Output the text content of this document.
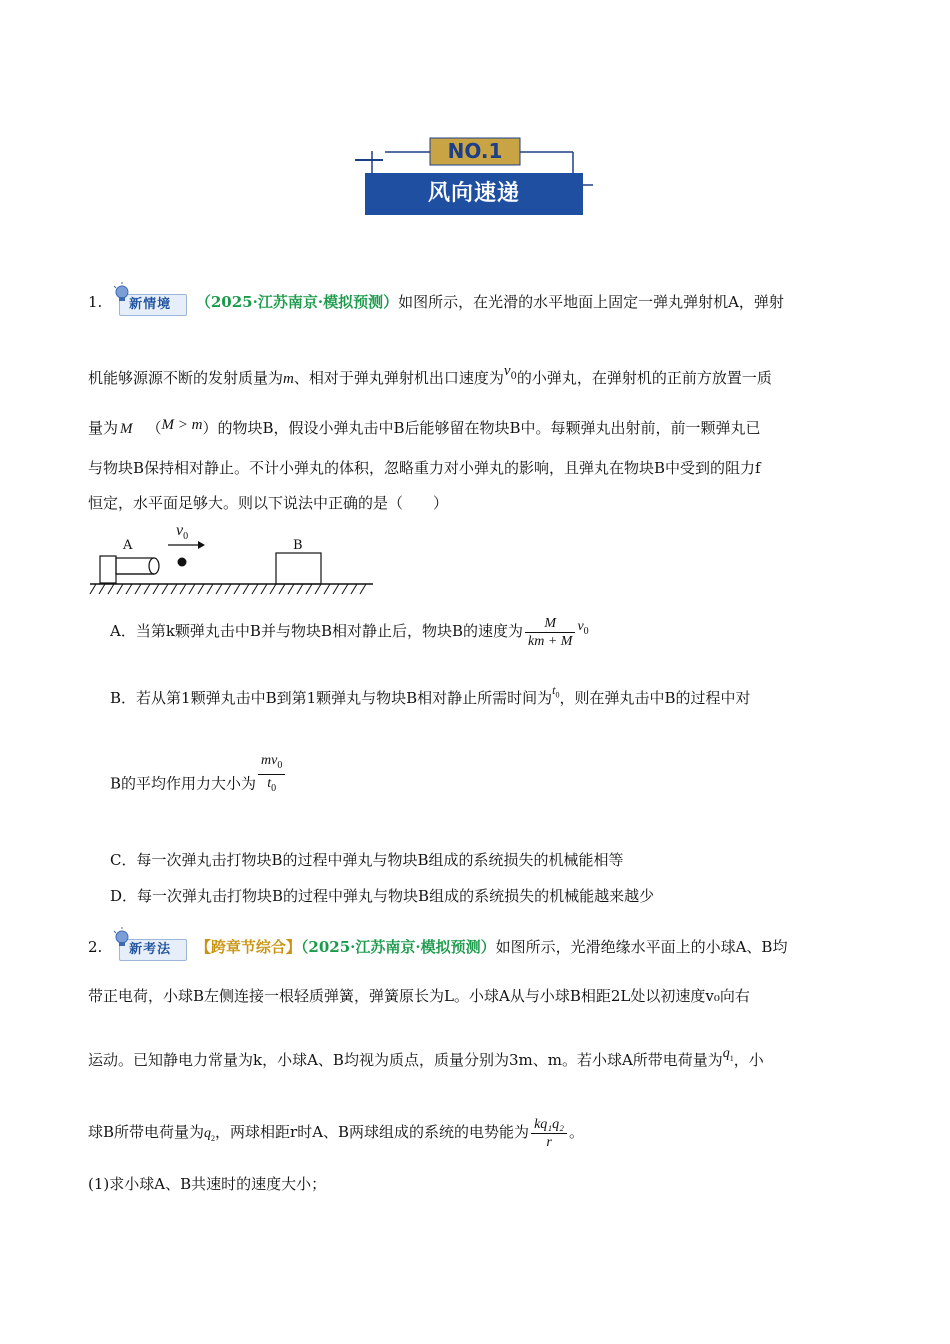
NO.1
风向速递
1. 新情境 （2025·江苏南京·模拟预测）如图所示，在光滑的水平地面上固定一弹丸弹射机A，弹射
机能够源源不断的发射质量为m、相对于弹丸弹射机出口速度为$v_0$的小弹丸，在弹射机的正前方放置一质
量为 M （M > m）的物块B，假设小弹丸击中B后能够留在物块B中。每颗弹丸出射前，前一颗弹丸已
与物块B保持相对静止。不计小弹丸的体积，忽略重力对小弹丸的影响，且弹丸在物块B中受到的阻力f
恒定，水平面足够大。则以下说法中正确的是（　　）
A	B
$v_0$
A．当第k颗弹丸击中B并与物块B相对静止后，物块B的速度为 $\frac{M}{km + M} v_0$
B．若从第1颗弹丸击中B到第1颗弹丸与物块B相对静止所需时间为$^{t_0}$，则在弹丸击中B的过程中对
B的平均作用力大小为 $\frac{mv_0}{t_0}$
C．每一次弹丸击打物块B的过程中弹丸与物块B组成的系统损失的机械能相等
D．每一次弹丸击打物块B的过程中弹丸与物块B组成的系统损失的机械能越来越少
2. 新考法 【跨章节综合】（2025·江苏南京·模拟预测）如图所示，光滑绝缘水平面上的小球A、B均
带正电荷，小球B左侧连接一根轻质弹簧，弹簧原长为L。小球A从与小球B相距2L处以初速度v₀向右
运动。已知静电力常量为k，小球A、B均视为质点，质量分别为3m、m。若小球A所带电荷量为$q_1$，小
球B所带电荷量为$q_2$，两球相距r时A、B两球组成的系统的电势能为 $\frac{\text{kq₁q₂}}{r}$ 。
(1)求小球A、B共速时的速度大小；
